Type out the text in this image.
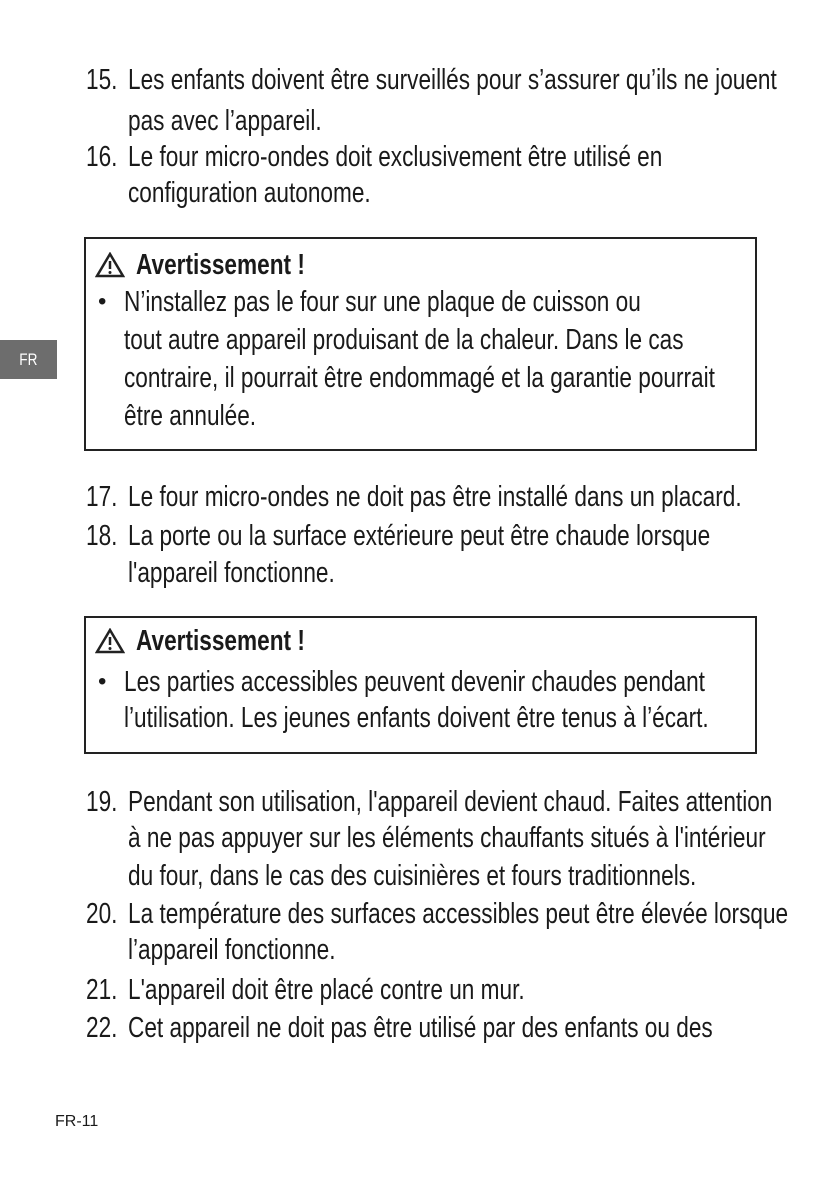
FR
15. Les enfants doivent être surveillés pour s’assurer qu’ils ne jouent
pas avec l’appareil.
16. Le four micro-ondes doit exclusivement être utilisé en
configuration autonome.
Avertissement !
• N’installez pas le four sur une plaque de cuisson ou
tout autre appareil produisant de la chaleur. Dans le cas
contraire, il pourrait être endommagé et la garantie pourrait
être annulée.
17. Le four micro-ondes ne doit pas être installé dans un placard.
18. La porte ou la surface extérieure peut être chaude lorsque
l'appareil fonctionne.
Avertissement !
• Les parties accessibles peuvent devenir chaudes pendant
l’utilisation. Les jeunes enfants doivent être tenus à l’écart.
19. Pendant son utilisation, l'appareil devient chaud. Faites attention
à ne pas appuyer sur les éléments chauffants situés à l'intérieur
du four, dans le cas des cuisinières et fours traditionnels.
20. La température des surfaces accessibles peut être élevée lorsque
l’appareil fonctionne.
21. L'appareil doit être placé contre un mur.
22. Cet appareil ne doit pas être utilisé par des enfants ou des
FR-11
